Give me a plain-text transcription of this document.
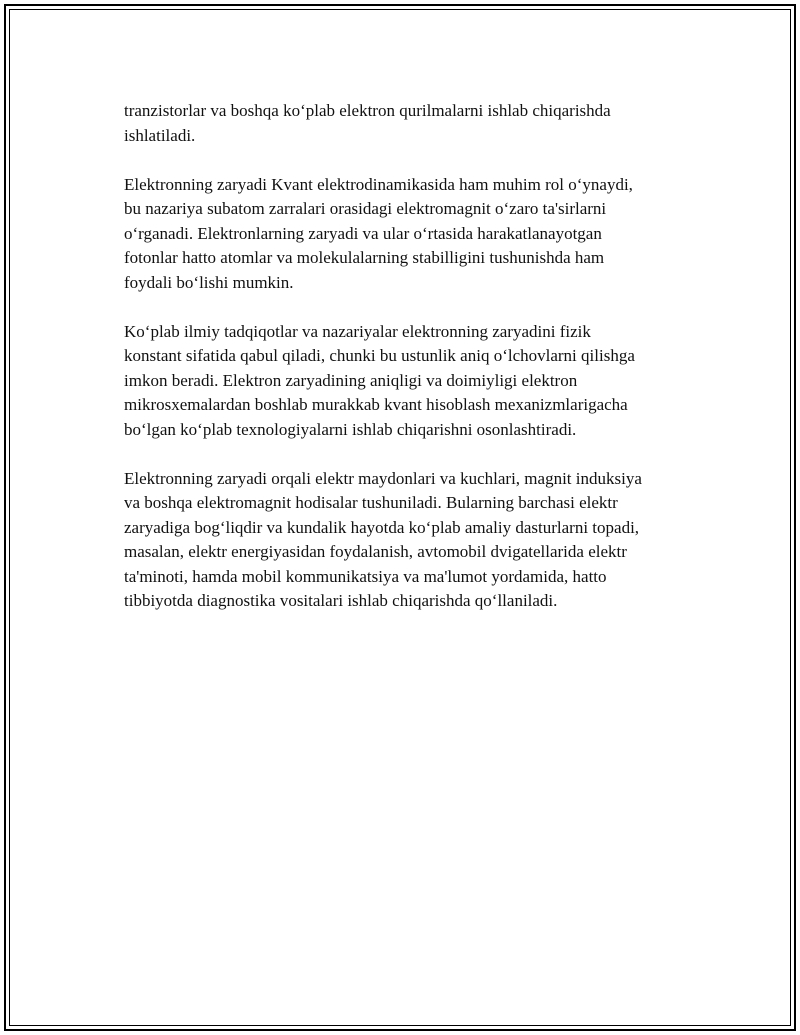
tranzistorlar va boshqa ko‘plab elektron qurilmalarni ishlab chiqarishda
ishlatiladi.

Elektronning zaryadi Kvant elektrodinamikasida ham muhim rol o‘ynaydi,
bu nazariya subatom zarralari orasidagi elektromagnit o‘zaro ta'sirlarni
o‘rganadi. Elektronlarning zaryadi va ular o‘rtasida harakatlanayotgan
fotonlar hatto atomlar va molekulalarning stabilligini tushunishda ham
foydali bo‘lishi mumkin.

Ko‘plab ilmiy tadqiqotlar va nazariyalar elektronning zaryadini fizik
konstant sifatida qabul qiladi, chunki bu ustunlik aniq o‘lchovlarni qilishga
imkon beradi. Elektron zaryadining aniqligi va doimiyligi elektron
mikrosxemalardan boshlab murakkab kvant hisoblash mexanizmlarigacha
bo‘lgan ko‘plab texnologiyalarni ishlab chiqarishni osonlashtiradi.

Elektronning zaryadi orqali elektr maydonlari va kuchlari, magnit induksiya
va boshqa elektromagnit hodisalar tushuniladi. Bularning barchasi elektr
zaryadiga bog‘liqdir va kundalik hayotda ko‘plab amaliy dasturlarni topadi,
masalan, elektr energiyasidan foydalanish, avtomobil dvigatellarida elektr
ta'minoti, hamda mobil kommunikatsiya va ma'lumot yordamida, hatto
tibbiyotda diagnostika vositalari ishlab chiqarishda qo‘llaniladi.
